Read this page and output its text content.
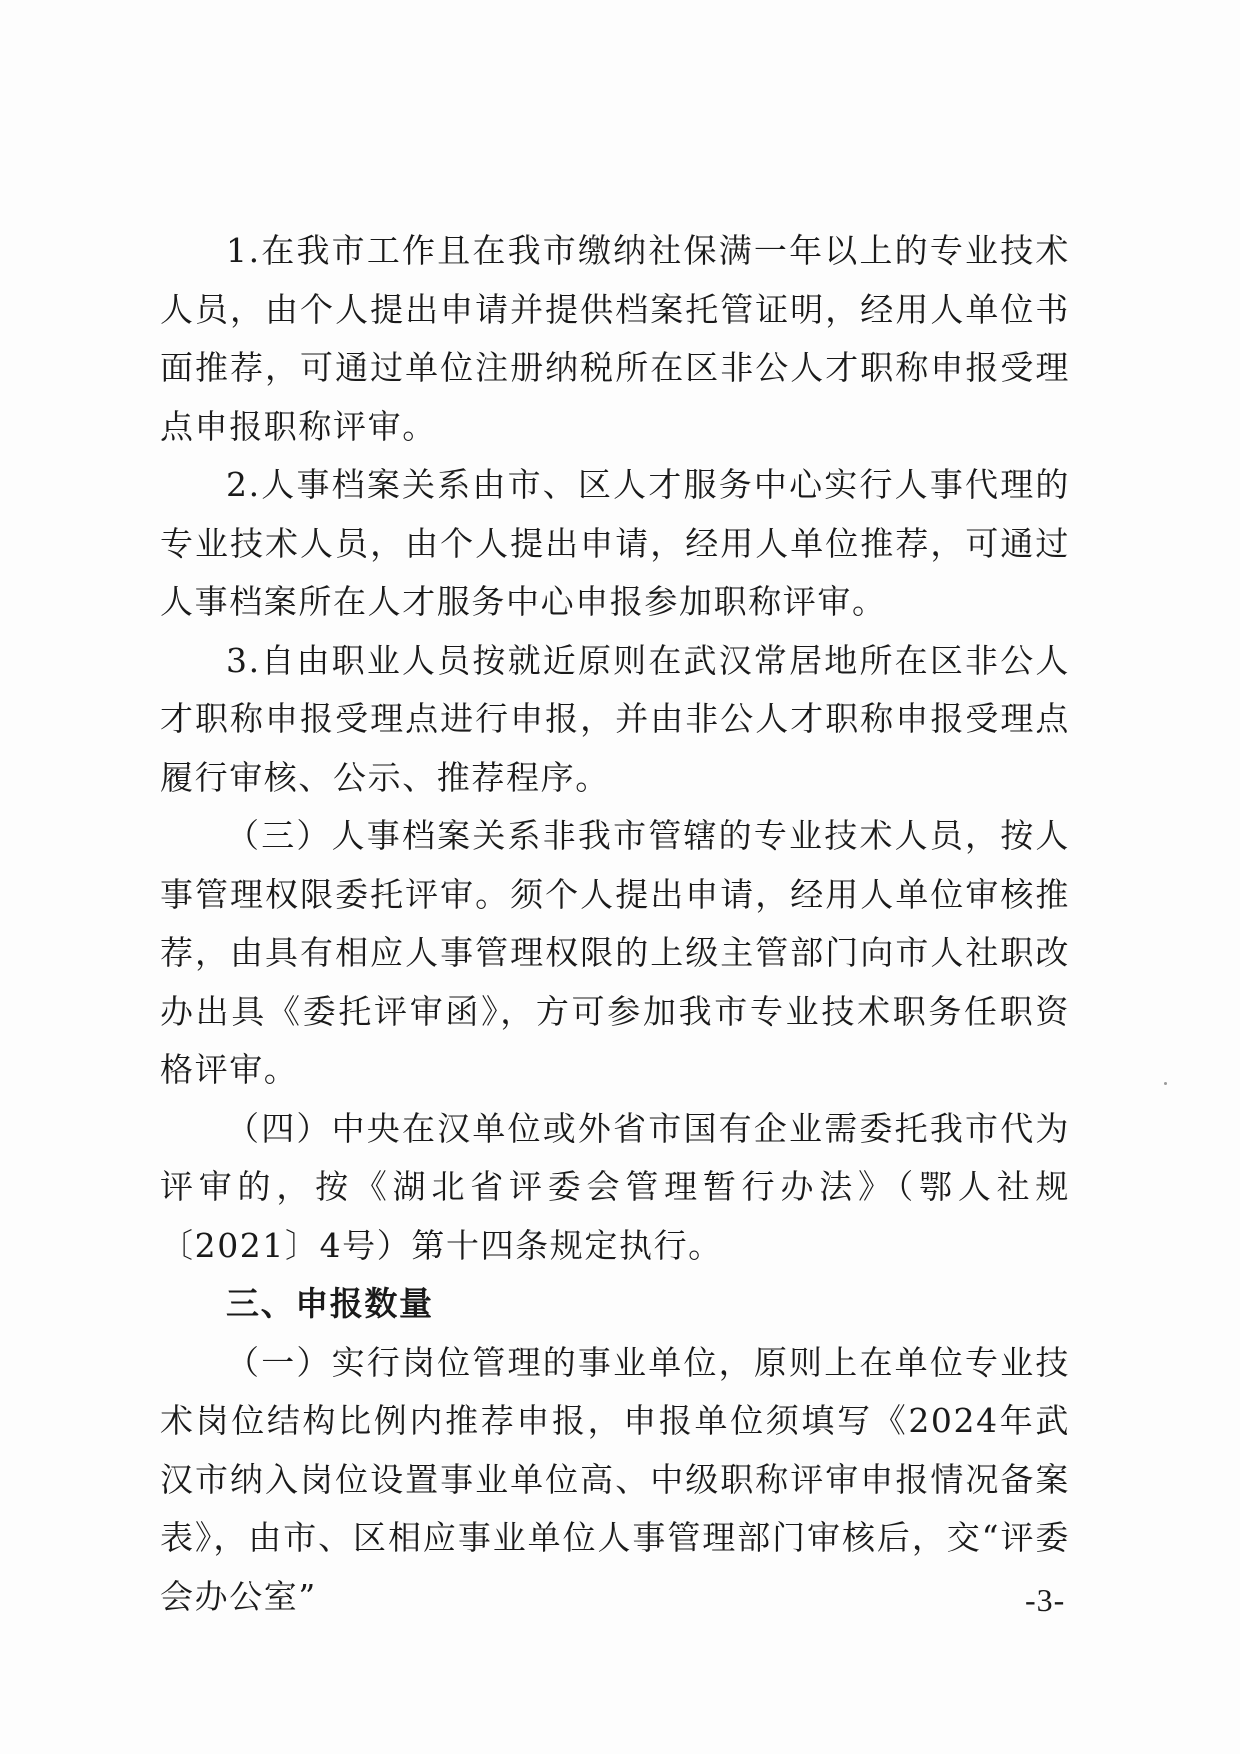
1.在我市工作且在我市缴纳社保满一年以上的专业技术人员，由个人提出申请并提供档案托管证明，经用人单位书面推荐，可通过单位注册纳税所在区非公人才职称申报受理点申报职称评审。

2.人事档案关系由市、区人才服务中心实行人事代理的专业技术人员，由个人提出申请，经用人单位推荐，可通过人事档案所在人才服务中心申报参加职称评审。

3.自由职业人员按就近原则在武汉常居地所在区非公人才职称申报受理点进行申报，并由非公人才职称申报受理点履行审核、公示、推荐程序。

（三）人事档案关系非我市管辖的专业技术人员，按人事管理权限委托评审。须个人提出申请，经用人单位审核推荐，由具有相应人事管理权限的上级主管部门向市人社职改办出具《委托评审函》，方可参加我市专业技术职务任职资格评审。

（四）中央在汉单位或外省市国有企业需委托我市代为评审的，按《湖北省评委会管理暂行办法》（鄂人社规〔2021〕4号）第十四条规定执行。

三、申报数量

（一）实行岗位管理的事业单位，原则上在单位专业技术岗位结构比例内推荐申报，申报单位须填写《2024年武汉市纳入岗位设置事业单位高、中级职称评审申报情况备案表》，由市、区相应事业单位人事管理部门审核后，交“评委会办公室”	-3-
